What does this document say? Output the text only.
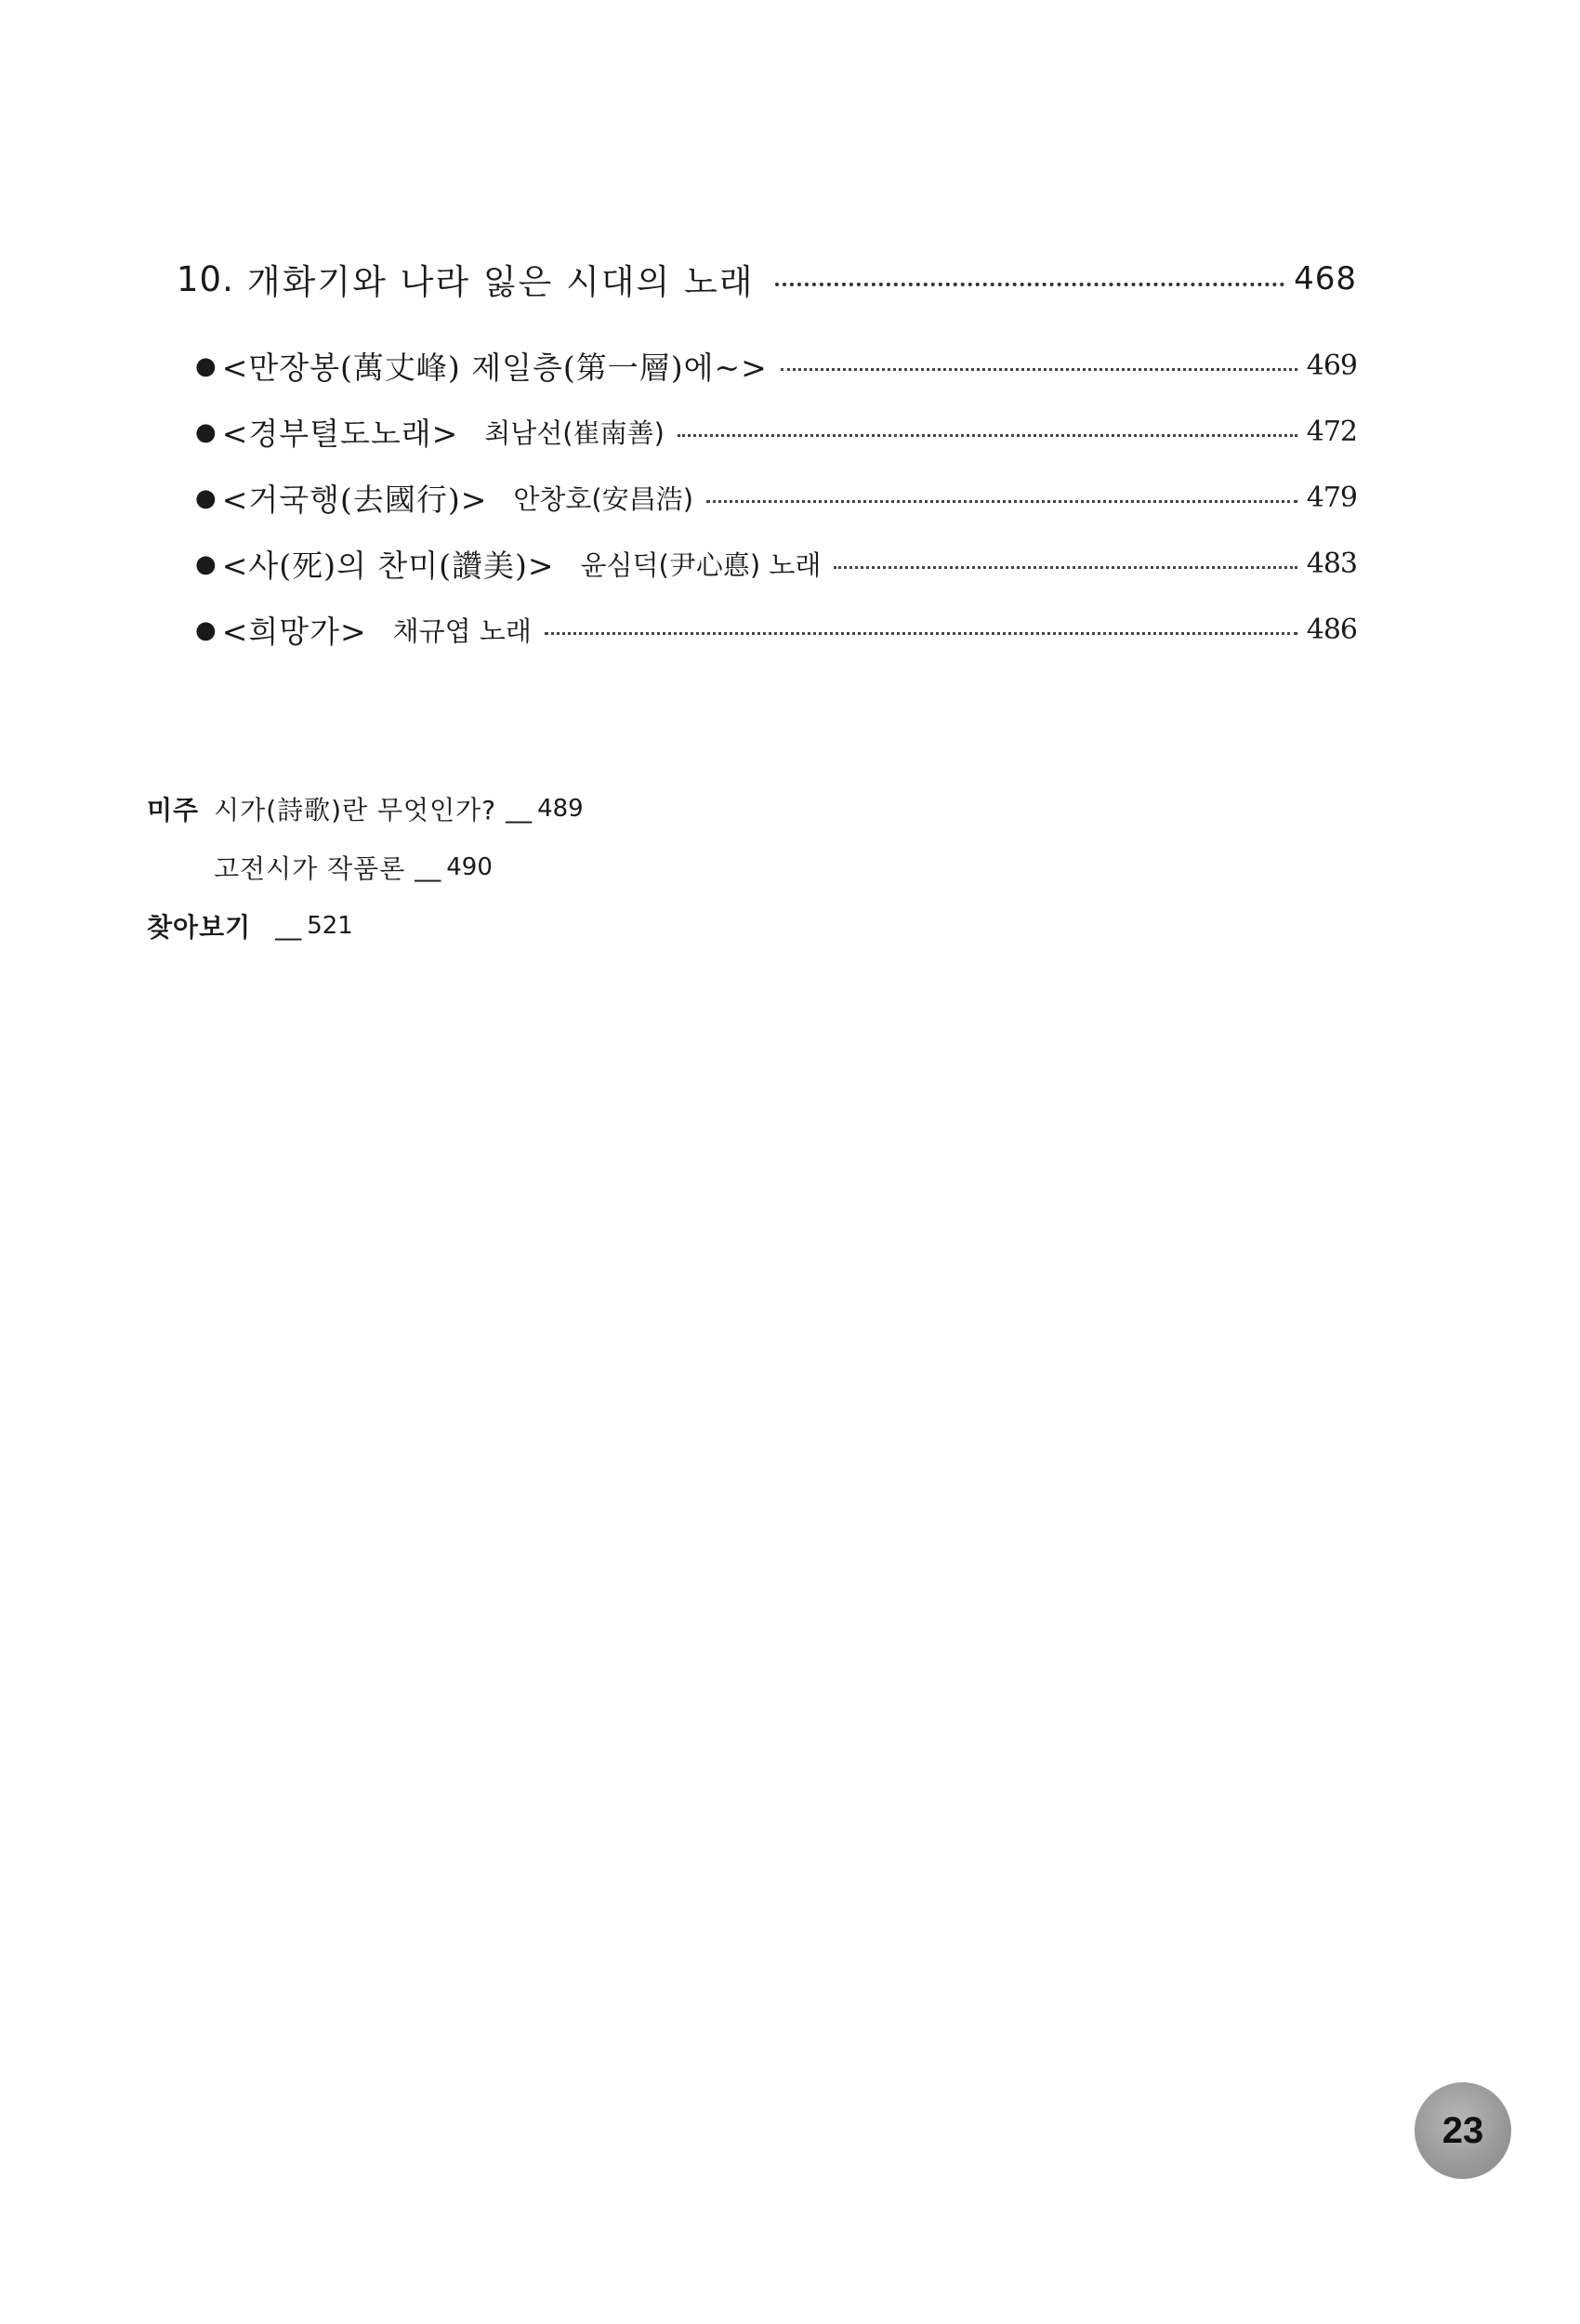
10. 개화기와 나라 잃은 시대의 노래	468
● <만장봉(萬丈峰) 제일층(第一層)에~>	469
● <경부텰도노래> 최남선(崔南善)	472
● <거국행(去國行)> 안창호(安昌浩)	479
● <사(死)의 찬미(讚美)> 윤심덕(尹心悳) 노래	483
● <희망가> 채규엽 노래	486
미주 시가(詩歌)란 무엇인가? __ 489
고전시가 작품론 __ 490
찾아보기 __ 521
23
